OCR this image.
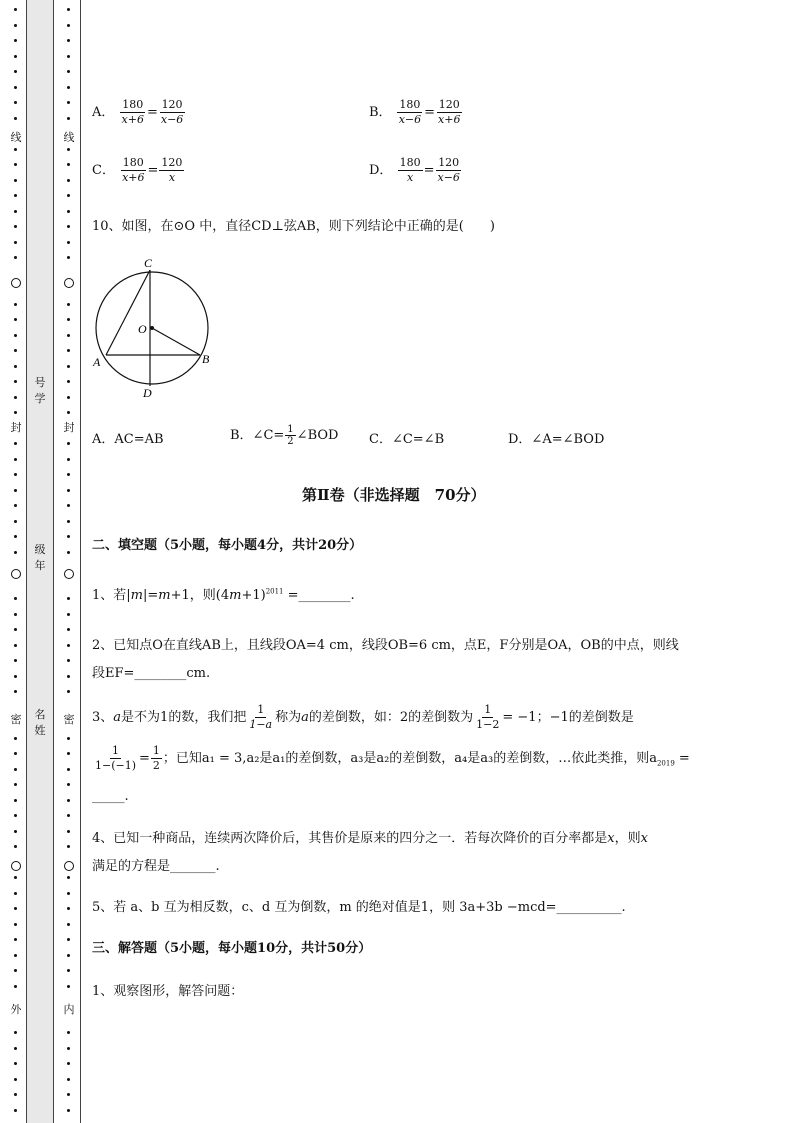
线
封
密
外
线
封
密
内
号
学
级
年
名
姓
A． $\frac{180}{x+6} = \frac{120}{x-6}$	B． $\frac{180}{x-6} = \frac{120}{x+6}$
C． $\frac{180}{x+6} = \frac{120}{x}$	D． $\frac{180}{x} = \frac{120}{x-6}$
10、如图，在⊙O 中，直径CD⊥弦AB，则下列结论中正确的是(　　)
C
O
A	B
D
A．AC=AB	B．∠C= $\frac{1}{2}$ ∠BOD C．∠C=∠B	D．∠A=∠BOD
第Ⅱ卷（非选择题　70分）
二、填空题（5小题，每小题4分，共计20分）
1、若|m|=m+1，则$(4m+1)^{2011}$ =________.
2、已知点O在直线AB上，且线段OA=4 cm，线段OB=6 cm，点E，F分别是OA，OB的中点，则线
段EF=________cm.
3、a是不为1的数，我们把 $\frac{1}{1-a}$ 称为a的差倒数，如：2的差倒数为 $\frac{1}{1-2} = -1$；−1的差倒数是
$\frac{1}{1-(-1)} = \frac{1}{2}$ ；已知a₁ = 3,a₂是a₁的差倒数，a₃是a₂的差倒数，a₄是a₃的差倒数，…依此类推，则$a_{2019}$ =
_____.
4、已知一种商品，连续两次降价后，其售价是原来的四分之一．若每次降价的百分率都是x，则x
满足的方程是_______.
5、若 a、b 互为相反数，c、d 互为倒数，m 的绝对值是1，则 3a+3b −mcd=__________.
三、解答题（5小题，每小题10分，共计50分）
1、观察图形，解答问题：
